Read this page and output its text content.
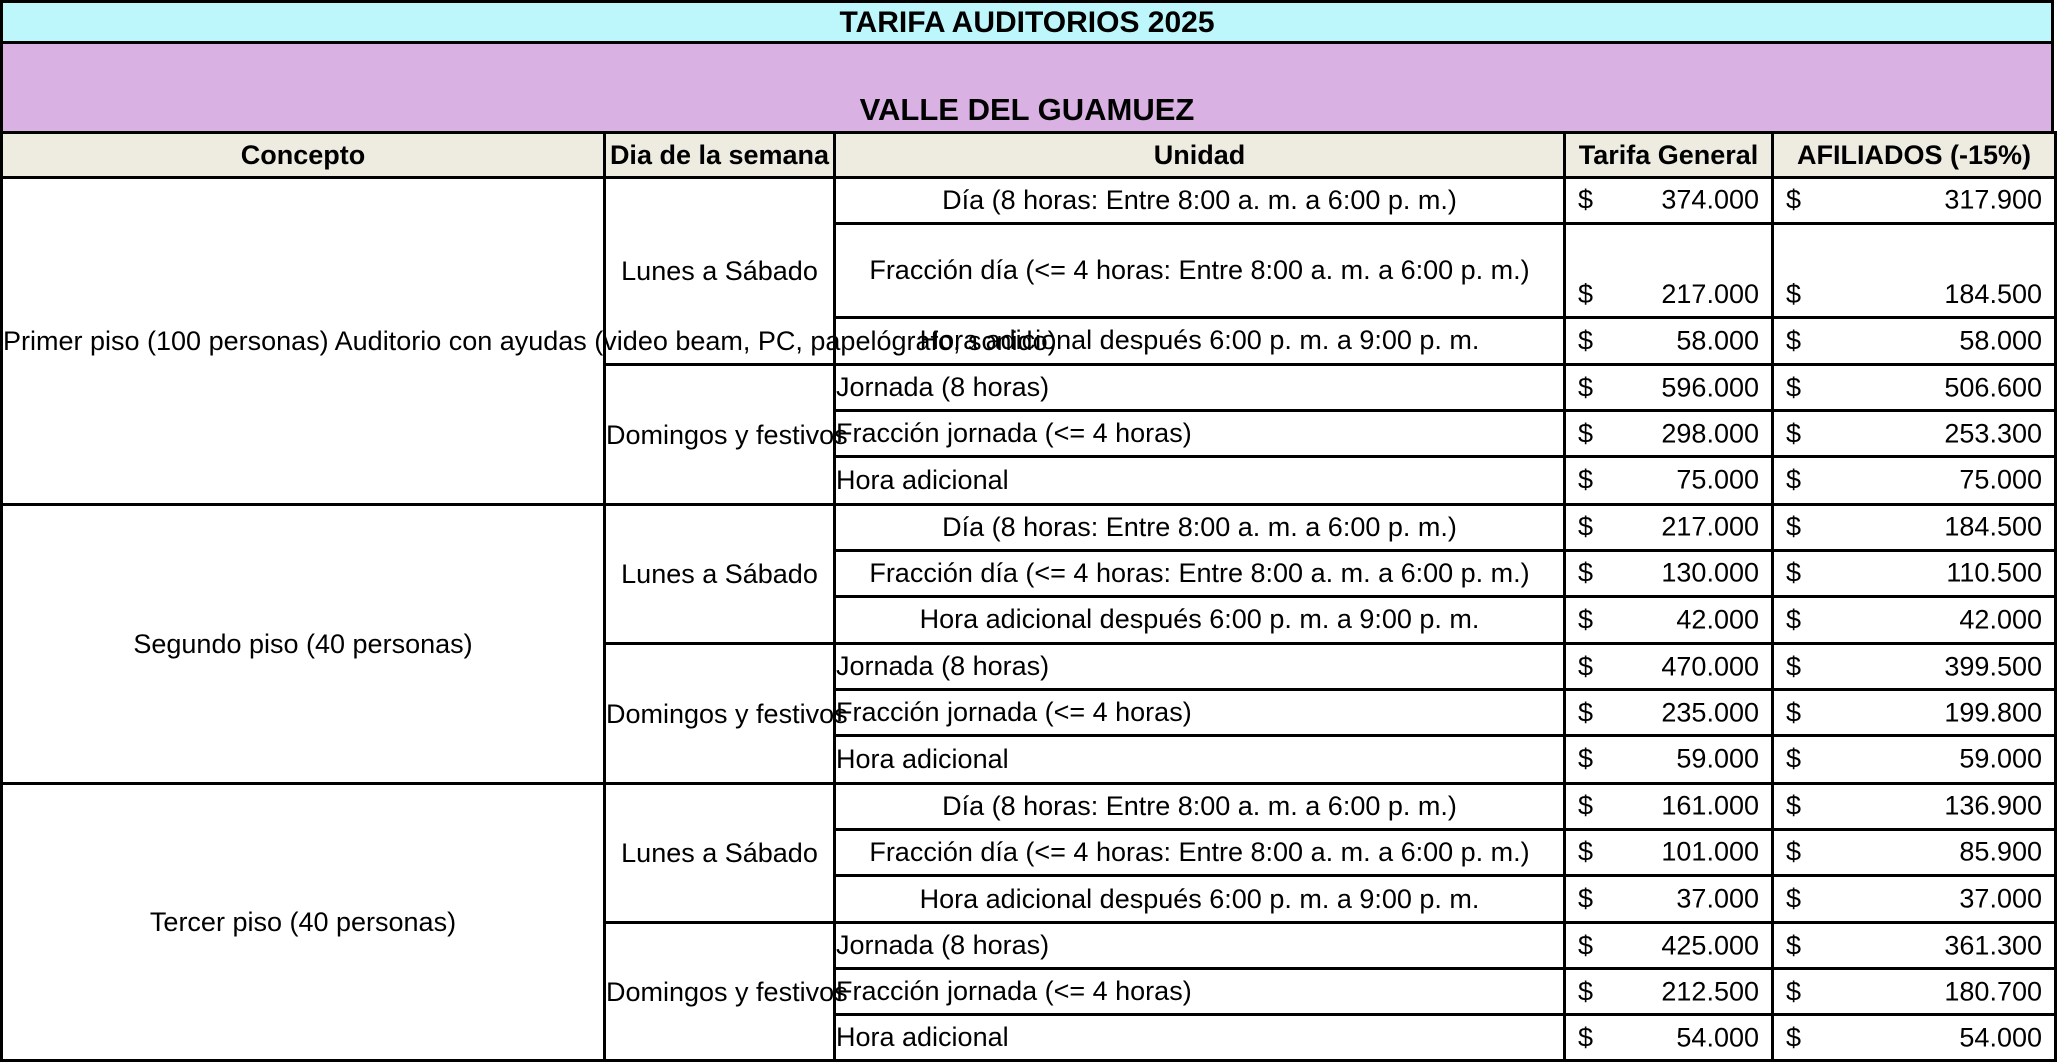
TARIFA AUDITORIOS 2025
VALLE DEL GUAMUEZ
Concepto	Dia de la semana	Unidad	Tarifa General	AFILIADOS (-15%)
Primer piso (100 personas) Auditorio con ayudas (video beam, PC, papelógrafo, sonido)	Lunes a Sábado	Día (8 horas: Entre 8:00 a. m. a 6:00 p. m.)	$ 374.000	$ 317.900

		Fracción día (<= 4 horas: Entre 8:00 a. m. a 6:00 p. m.)	$ 217.000	$ 184.500

		Hora adicional después 6:00 p. m. a 9:00 p. m.	$ 58.000	$ 58.000

	Domingos y festivos	Jornada (8 horas)	$ 596.000	$ 506.600

		Fracción jornada (<= 4 horas)	$ 298.000	$ 253.300

		Hora adicional	$ 75.000	$ 75.000

Segundo piso (40 personas)	Lunes a Sábado	Día (8 horas: Entre 8:00 a. m. a 6:00 p. m.)	$ 217.000	$ 184.500

		Fracción día (<= 4 horas: Entre 8:00 a. m. a 6:00 p. m.)	$ 130.000	$ 110.500

		Hora adicional después 6:00 p. m. a 9:00 p. m.	$ 42.000	$ 42.000

	Domingos y festivos	Jornada (8 horas)	$ 470.000	$ 399.500

		Fracción jornada (<= 4 horas)	$ 235.000	$ 199.800

		Hora adicional	$ 59.000	$ 59.000

Tercer piso (40 personas)	Lunes a Sábado	Día (8 horas: Entre 8:00 a. m. a 6:00 p. m.)	$ 161.000	$ 136.900

		Fracción día (<= 4 horas: Entre 8:00 a. m. a 6:00 p. m.)	$ 101.000	$ 85.900

		Hora adicional después 6:00 p. m. a 9:00 p. m.	$ 37.000	$ 37.000

	Domingos y festivos	Jornada (8 horas)	$ 425.000	$ 361.300

		Fracción jornada (<= 4 horas)	$ 212.500	$ 180.700

		Hora adicional	$ 54.000	$ 54.000
